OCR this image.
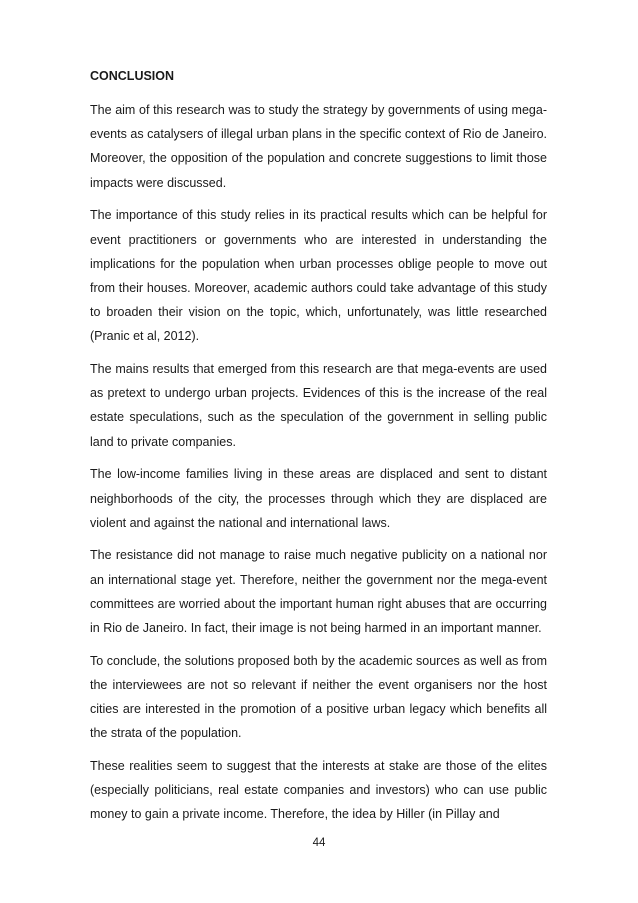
CONCLUSION

The aim of this research was to study the strategy by governments of using mega-events as catalysers of illegal urban plans in the specific context of Rio de Janeiro. Moreover, the opposition of the population and concrete suggestions to limit those impacts were discussed.

The importance of this study relies in its practical results which can be helpful for event practitioners or governments who are interested in understanding the implications for the population when urban processes oblige people to move out from their houses. Moreover, academic authors could take advantage of this study to broaden their vision on the topic, which, unfortunately, was little researched (Pranic et al, 2012).

The mains results that emerged from this research are that mega-events are used as pretext to undergo urban projects. Evidences of this is the increase of the real estate speculations, such as the speculation of the government in selling public land to private companies.

The low-income families living in these areas are displaced and sent to distant neighborhoods of the city, the processes through which they are displaced are violent and against the national and international laws.

The resistance did not manage to raise much negative publicity on a national nor an international stage yet. Therefore, neither the government nor the mega-event committees are worried about the important human right abuses that are occurring in Rio de Janeiro. In fact, their image is not being harmed in an important manner.

To conclude, the solutions proposed both by the academic sources as well as from the interviewees are not so relevant if neither the event organisers nor the host cities are interested in the promotion of a positive urban legacy which benefits all the strata of the population.

These realities seem to suggest that the interests at stake are those of the elites (especially politicians, real estate companies and investors) who can use public money to gain a private income. Therefore, the idea by Hiller (in Pillay and

44
